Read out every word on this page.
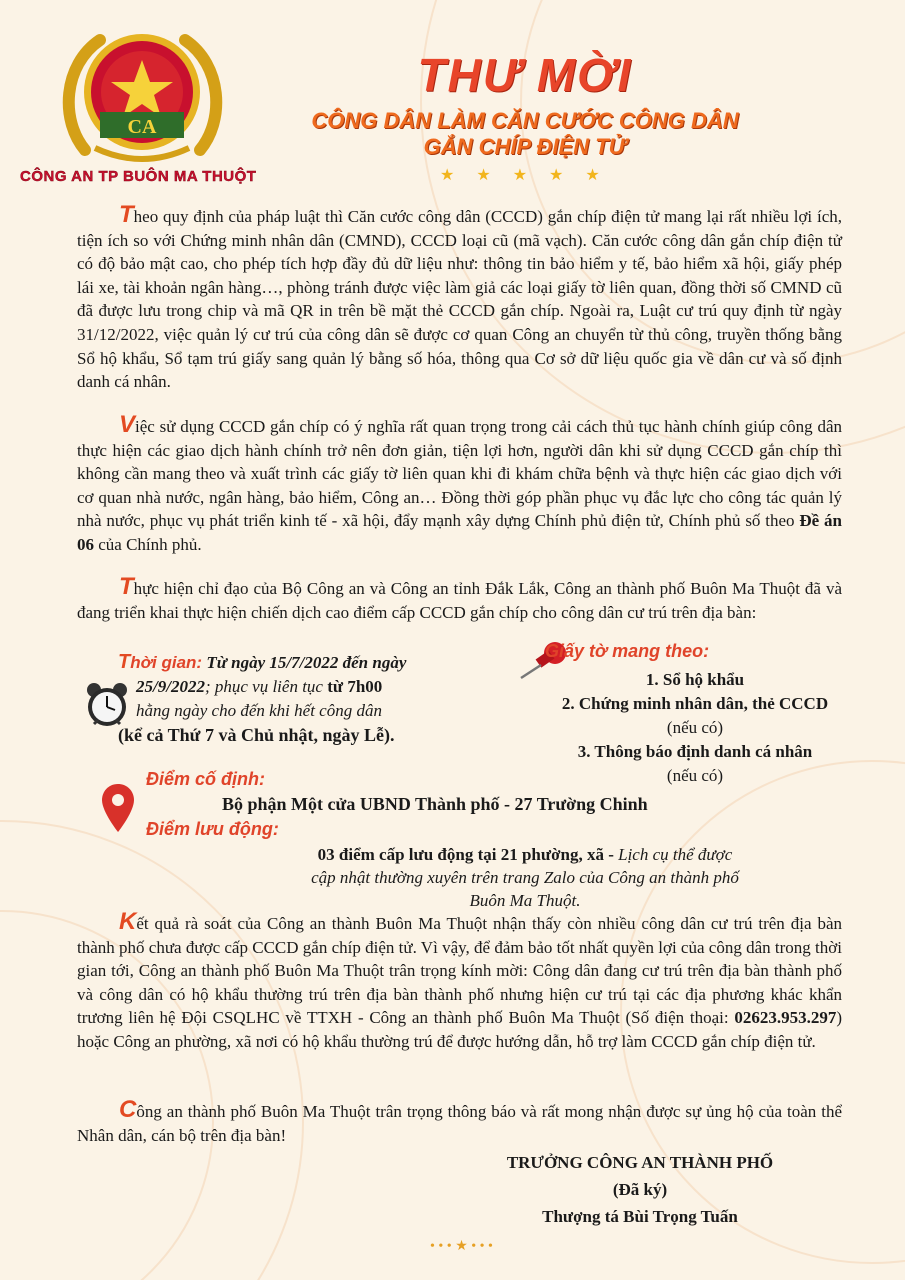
CA
CÔNG AN TP BUÔN MA THUỘT
THƯ MỜI
CÔNG DÂN LÀM CĂN CƯỚC CÔNG DÂN
GẮN CHÍP ĐIỆN TỬ
★ ★ ★ ★ ★
Theo quy định của pháp luật thì Căn cước công dân (CCCD) gắn chíp điện tử mang lại rất nhiều lợi ích, tiện ích so với Chứng minh nhân dân (CMND), CCCD loại cũ (mã vạch). Căn cước công dân gắn chíp điện tử có độ bảo mật cao, cho phép tích hợp đầy đủ dữ liệu như: thông tin bảo hiểm y tế, bảo hiểm xã hội, giấy phép lái xe, tài khoản ngân hàng…, phòng tránh được việc làm giả các loại giấy tờ liên quan, đồng thời số CMND cũ đã được lưu trong chip và mã QR in trên bề mặt thẻ CCCD gắn chíp. Ngoài ra, Luật cư trú quy định từ ngày 31/12/2022, việc quản lý cư trú của công dân sẽ được cơ quan Công an chuyển từ thủ công, truyền thống bằng Sổ hộ khẩu, Sổ tạm trú giấy sang quản lý bằng số hóa, thông qua Cơ sở dữ liệu quốc gia về dân cư và số định danh cá nhân.
Việc sử dụng CCCD gắn chíp có ý nghĩa rất quan trọng trong cải cách thủ tục hành chính giúp công dân thực hiện các giao dịch hành chính trở nên đơn giản, tiện lợi hơn, người dân khi sử dụng CCCD gắn chíp thì không cần mang theo và xuất trình các giấy tờ liên quan khi đi khám chữa bệnh và thực hiện các giao dịch với cơ quan nhà nước, ngân hàng, bảo hiểm, Công an… Đồng thời góp phần phục vụ đắc lực cho công tác quản lý nhà nước, phục vụ phát triển kinh tế - xã hội, đẩy mạnh xây dựng Chính phủ điện tử, Chính phủ số theo Đề án 06 của Chính phủ.
Thực hiện chỉ đạo của Bộ Công an và Công an tỉnh Đắk Lắk, Công an thành phố Buôn Ma Thuột đã và đang triển khai thực hiện chiến dịch cao điểm cấp CCCD gắn chíp cho công dân cư trú trên địa bàn:
Thời gian: Từ ngày 15/7/2022 đến ngày
25/9/2022; phục vụ liên tục từ 7h00
hằng ngày cho đến khi hết công dân
(kể cả Thứ 7 và Chủ nhật, ngày Lễ).
Giấy tờ mang theo:
1. Sổ hộ khẩu
2. Chứng minh nhân dân, thẻ CCCD
(nếu có)
3. Thông báo định danh cá nhân
(nếu có)
Điểm cố định:
Bộ phận Một cửa UBND Thành phố - 27 Trường Chinh
Điểm lưu động:
03 điểm cấp lưu động tại 21 phường, xã - Lịch cụ thể được
cập nhật thường xuyên trên trang Zalo của Công an thành phố
Buôn Ma Thuột.
Kết quả rà soát của Công an thành Buôn Ma Thuột nhận thấy còn nhiều công dân cư trú trên địa bàn thành phố chưa được cấp CCCD gắn chíp điện tử. Vì vậy, để đảm bảo tốt nhất quyền lợi của công dân trong thời gian tới, Công an thành phố Buôn Ma Thuột trân trọng kính mời: Công dân đang cư trú trên địa bàn thành phố và công dân có hộ khẩu thường trú trên địa bàn thành phố nhưng hiện cư trú tại các địa phương khác khẩn trương liên hệ Đội CSQLHC về TTXH - Công an thành phố Buôn Ma Thuột (Số điện thoại: 02623.953.297) hoặc Công an phường, xã nơi có hộ khẩu thường trú để được hướng dẫn, hỗ trợ làm CCCD gắn chíp điện tử.
Công an thành phố Buôn Ma Thuột trân trọng thông báo và rất mong nhận được sự ủng hộ của toàn thể Nhân dân, cán bộ trên địa bàn!
TRƯỞNG CÔNG AN THÀNH PHỐ
(Đã ký)
Thượng tá Bùi Trọng Tuấn
• • • ★ • • •
